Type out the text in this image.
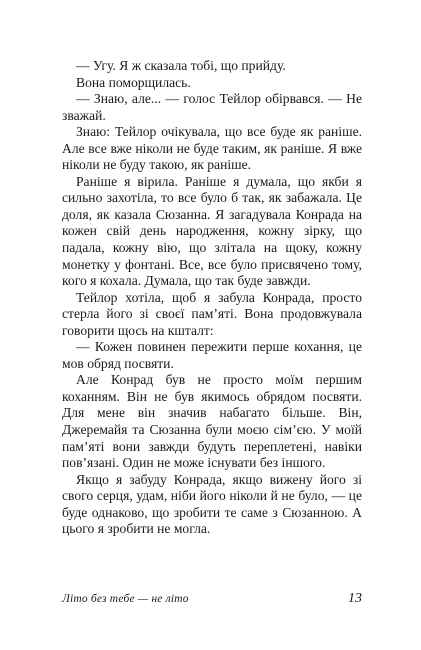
— Угу. Я ж сказала тобі, що прийду.

Вона поморщилась.

— Знаю, але... — голос Тейлор обірвався. — Не зважай.

Знаю: Тейлор очікувала, що все буде як раніше. Але все вже ніколи не буде таким, як раніше. Я вже ніколи не буду такою, як раніше.

Раніше я вірила. Раніше я думала, що якби я сильно захотіла, то все було б так, як забажала. Це доля, як казала Сюзанна. Я загадувала Конрада на кожен свій день народження, кожну зірку, що падала, кожну вію, що злітала на щоку, кожну монетку у фонтані. Все, все було присвячено тому, кого я кохала. Думала, що так буде завжди.

Тейлор хотіла, щоб я забула Конрада, просто стерла його зі своєї пам’яті. Вона продовжувала говорити щось на кшталт:

— Кожен повинен пережити перше кохання, це мов обряд посвяти.

Але Конрад був не просто моїм першим коханням. Він не був якимось обрядом посвяти. Для мене він значив набагато більше. Він, Джеремайя та Сюзанна були моєю сім’єю. У моїй пам’яті вони завжди будуть переплетені, навіки пов’язані. Один не може існувати без іншого.

Якщо я забуду Конрада, якщо вижену його зі свого серця, удам, ніби його ніколи й не було, — це буде однаково, що зробити те саме з Сюзанною. А цього я зробити не могла.

Літо без тебе — не літо	13
